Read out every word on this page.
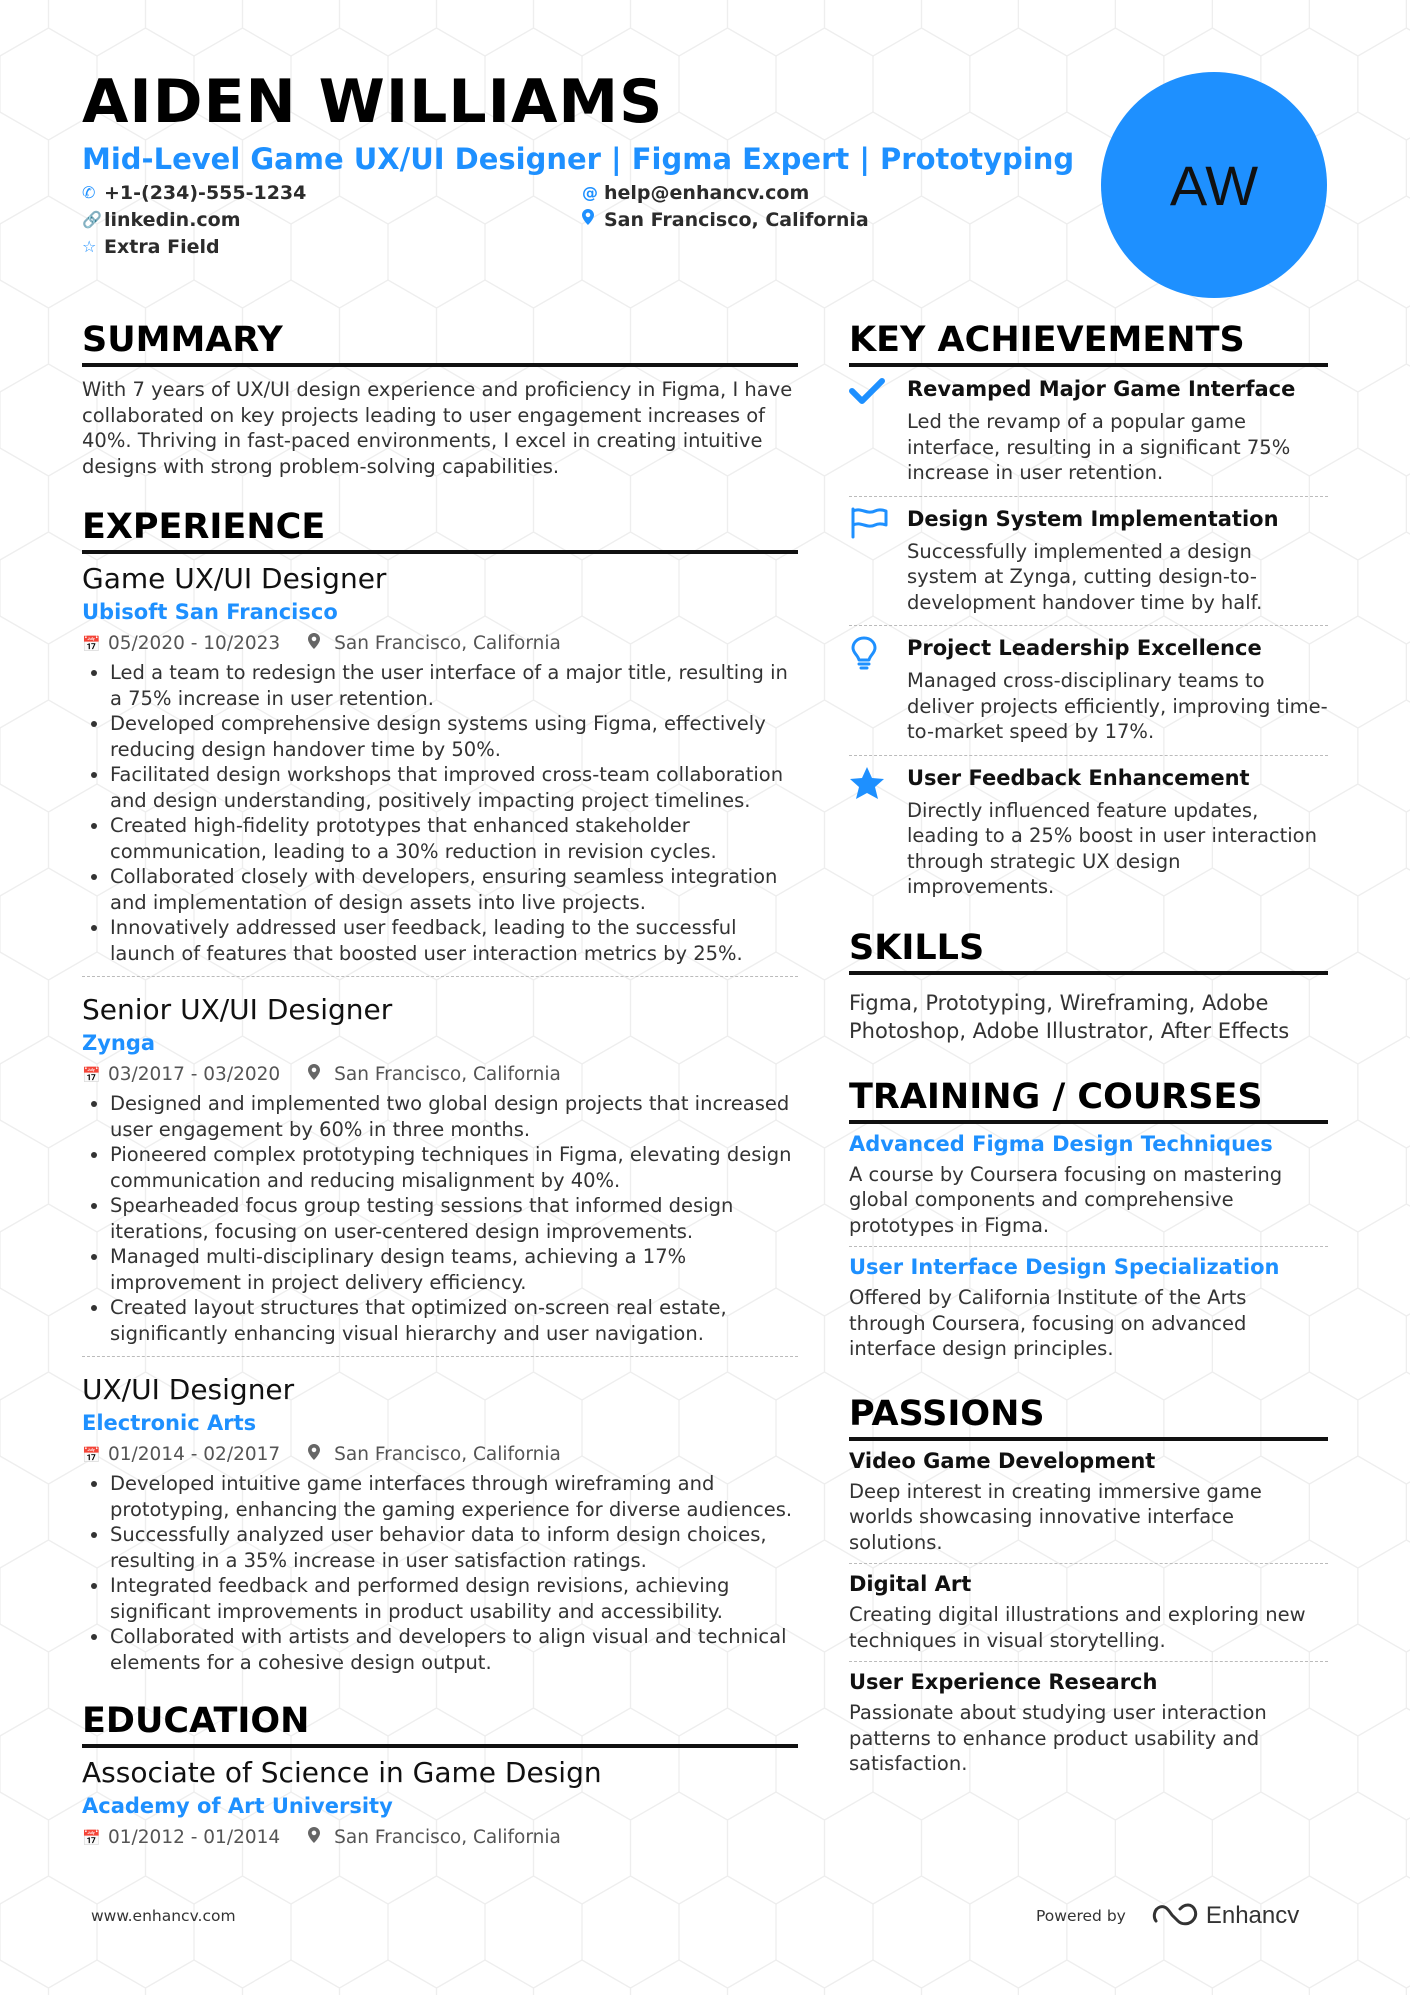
AIDEN WILLIAMS
Mid-Level Game UX/UI Designer | Figma Expert | Prototyping
✆ +1-(234)-555-1234
🔗 linkedin.com
☆ Extra Field
@ help@enhancv.com
San Francisco, California
AW
SUMMARY

With 7 years of UX/UI design experience and proficiency in Figma, I have collaborated on key projects leading to user engagement increases of 40%. Thriving in fast-paced environments, I excel in creating intuitive designs with strong problem-solving capabilities.

EXPERIENCE
Game UX/UI Designer
Ubisoft San Francisco
📅 05/2020 - 10/2023	San Francisco, California
• Led a team to redesign the user interface of a major title, resulting in a 75% increase in user retention.
• Developed comprehensive design systems using Figma, effectively reducing design handover time by 50%.
• Facilitated design workshops that improved cross-team collaboration and design understanding, positively impacting project timelines.
• Created high-fidelity prototypes that enhanced stakeholder communication, leading to a 30% reduction in revision cycles.
• Collaborated closely with developers, ensuring seamless integration and implementation of design assets into live projects.
• Innovatively addressed user feedback, leading to the successful launch of features that boosted user interaction metrics by 25%.
Senior UX/UI Designer
Zynga
📅 03/2017 - 03/2020	San Francisco, California
• Designed and implemented two global design projects that increased user engagement by 60% in three months.
• Pioneered complex prototyping techniques in Figma, elevating design communication and reducing misalignment by 40%.
• Spearheaded focus group testing sessions that informed design iterations, focusing on user-centered design improvements.
• Managed multi-disciplinary design teams, achieving a 17% improvement in project delivery efficiency.
• Created layout structures that optimized on-screen real estate, significantly enhancing visual hierarchy and user navigation.
UX/UI Designer
Electronic Arts
📅 01/2014 - 02/2017	San Francisco, California
• Developed intuitive game interfaces through wireframing and prototyping, enhancing the gaming experience for diverse audiences.
• Successfully analyzed user behavior data to inform design choices, resulting in a 35% increase in user satisfaction ratings.
• Integrated feedback and performed design revisions, achieving significant improvements in product usability and accessibility.
• Collaborated with artists and developers to align visual and technical elements for a cohesive design output.
EDUCATION
Associate of Science in Game Design
Academy of Art University
📅 01/2012 - 01/2014	San Francisco, California
KEY ACHIEVEMENTS
Revamped Major Game Interface
Led the revamp of a popular game interface, resulting in a significant 75% increase in user retention.
Design System Implementation
Successfully implemented a design system at Zynga, cutting design-to-development handover time by half.
Project Leadership Excellence
Managed cross-disciplinary teams to deliver projects efficiently, improving time-to-market speed by 17%.
User Feedback Enhancement
Directly influenced feature updates, leading to a 25% boost in user interaction through strategic UX design improvements.
SKILLS

Figma, Prototyping, Wireframing, Adobe Photoshop, Adobe Illustrator, After Effects

TRAINING / COURSES
Advanced Figma Design Techniques
A course by Coursera focusing on mastering global components and comprehensive prototypes in Figma.
User Interface Design Specialization
Offered by California Institute of the Arts through Coursera, focusing on advanced interface design principles.
PASSIONS
Video Game Development
Deep interest in creating immersive game worlds showcasing innovative interface solutions.
Digital Art
Creating digital illustrations and exploring new techniques in visual storytelling.
User Experience Research
Passionate about studying user interaction patterns to enhance product usability and satisfaction.
www.enhancv.com	Powered by	Enhancv
